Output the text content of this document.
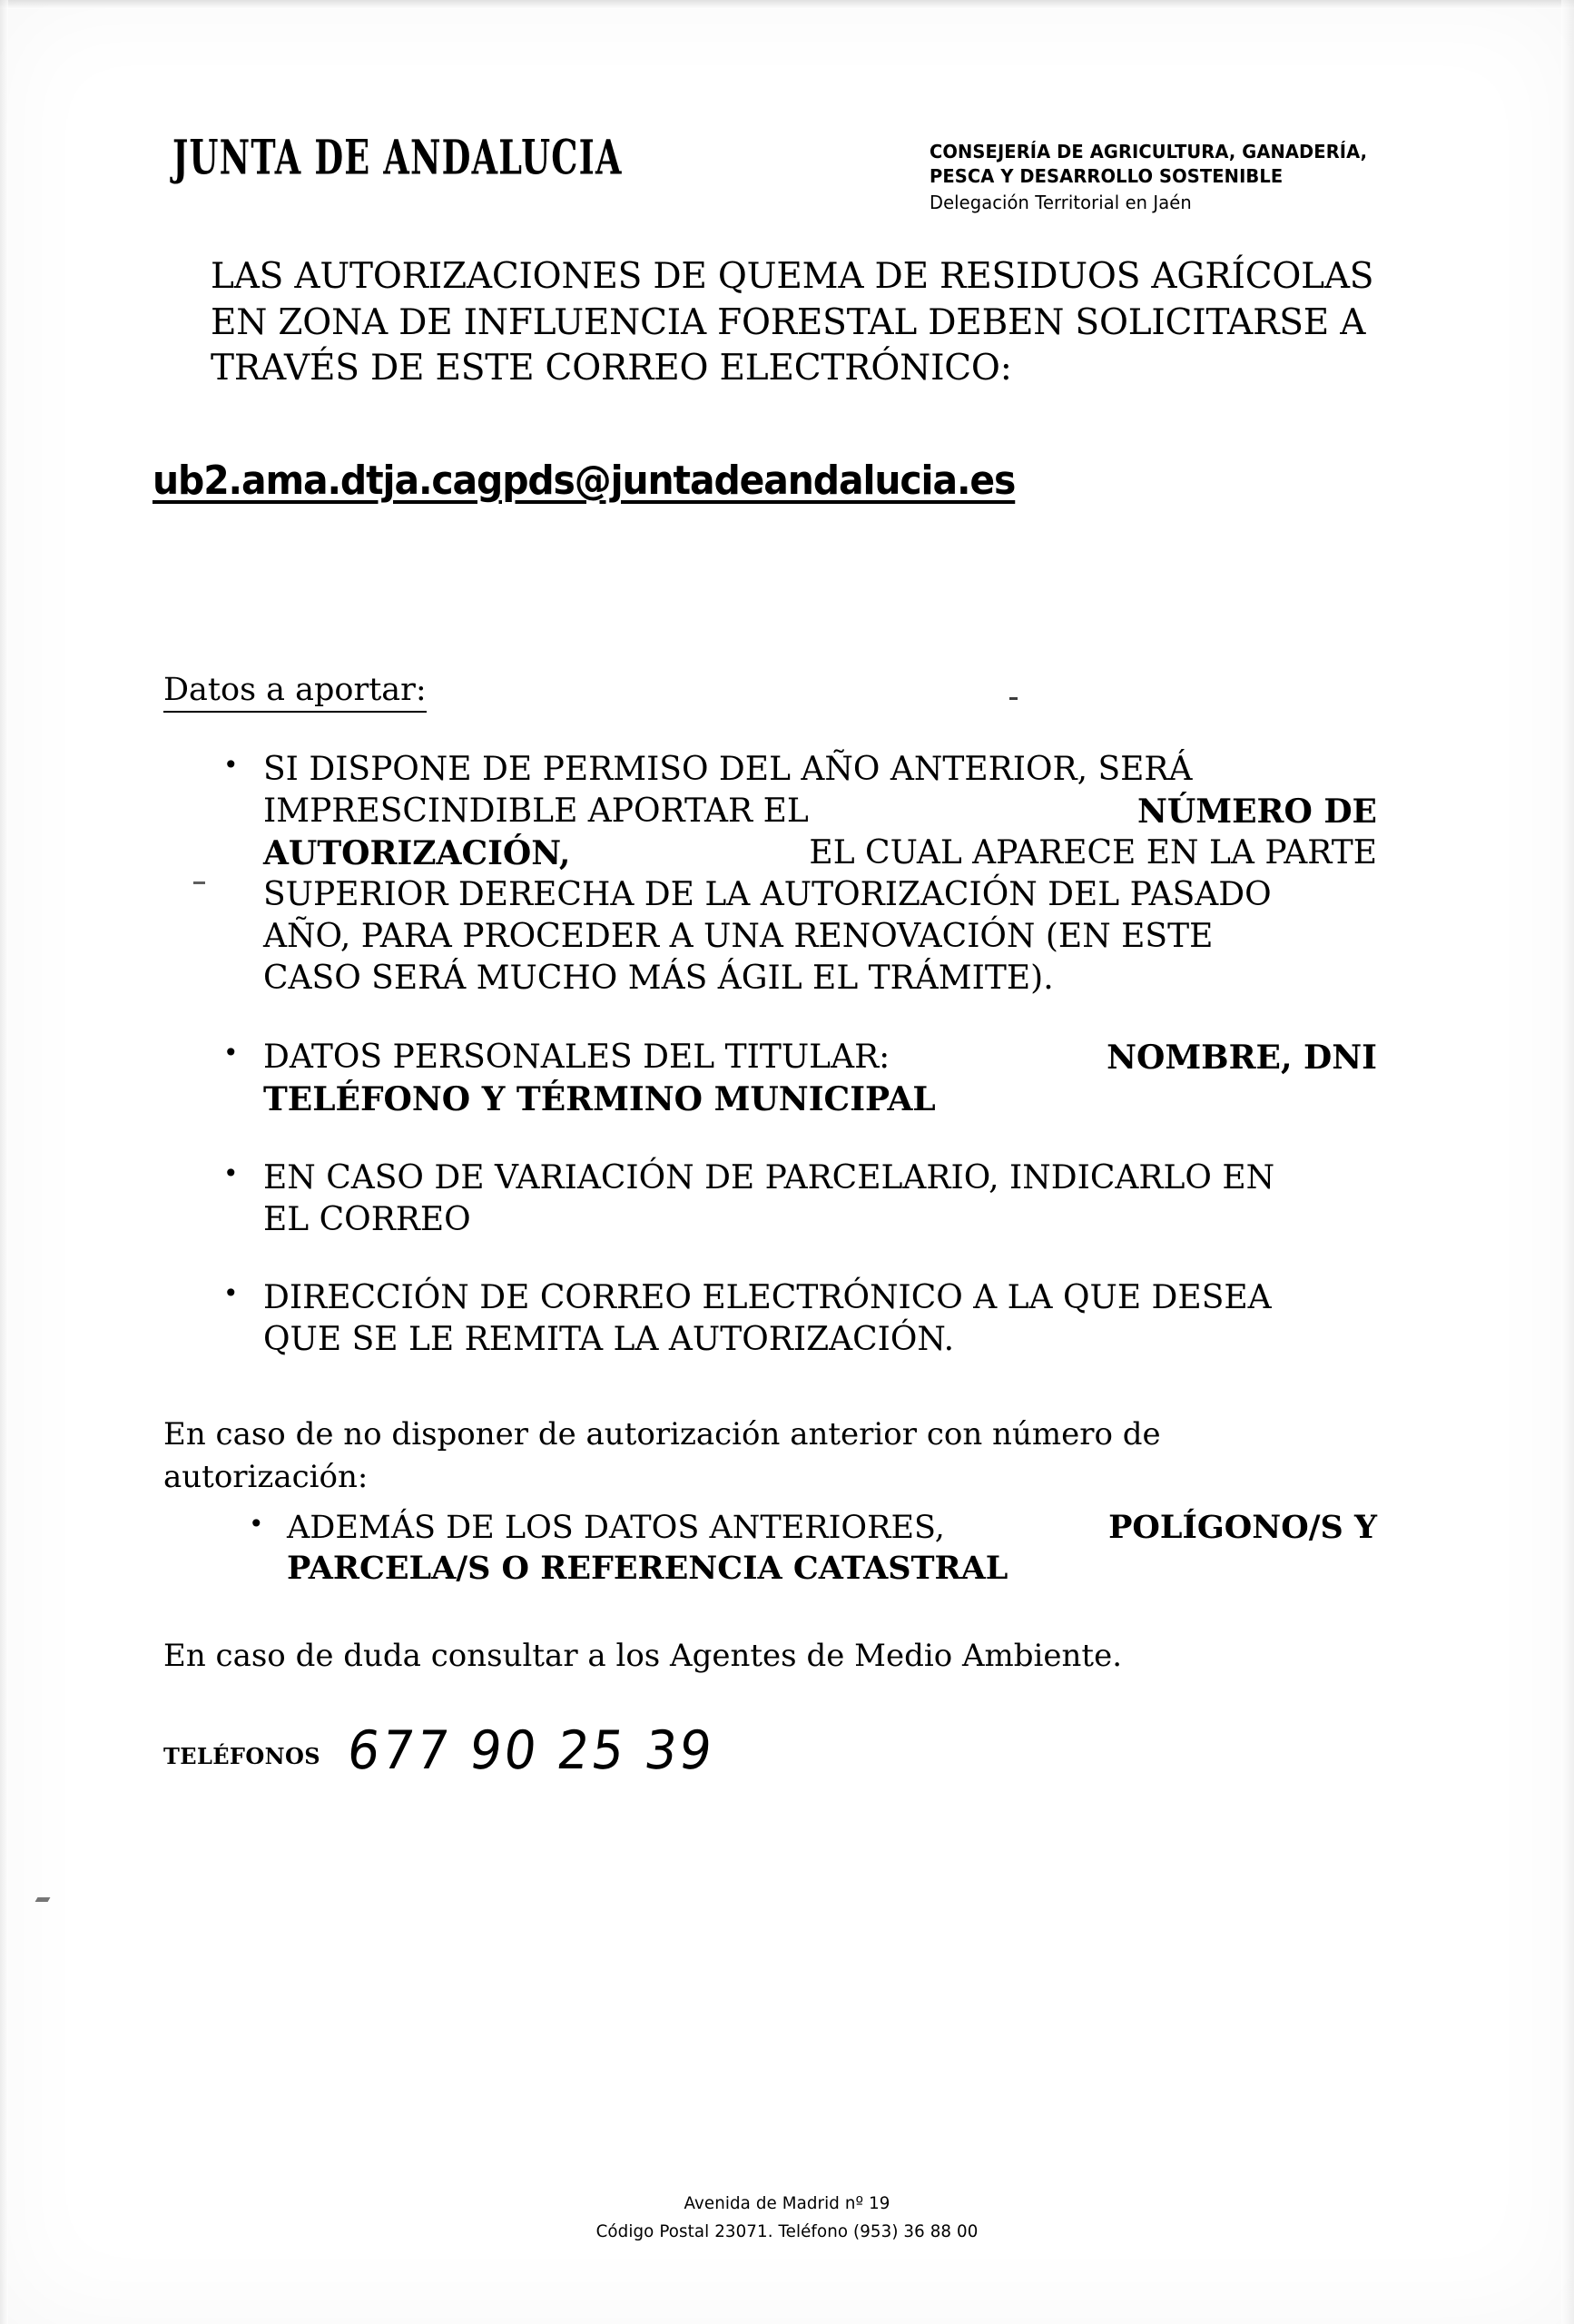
JUNTA DE ANDALUCIA	CONSEJERÍA DE AGRICULTURA, GANADERÍA,
PESCA Y DESARROLLO SOSTENIBLE
Delegación Territorial en Jaén

LAS AUTORIZACIONES DE QUEMA DE RESIDUOS AGRÍCOLAS
EN ZONA DE INFLUENCIA FORESTAL DEBEN SOLICITARSE A
TRAVÉS DE ESTE CORREO ELECTRÓNICO:

ub2.ama.dtja.cagpds@juntadeandalucia.es
Datos a aportar:
• SI DISPONE DE PERMISO DEL AÑO ANTERIOR, SERÁ
IMPRESCINDIBLE APORTAR EL	NÚMERO DE
AUTORIZACIÓN,	EL CUAL APARECE EN LA PARTE
SUPERIOR DERECHA DE LA AUTORIZACIÓN DEL PASADO
AÑO, PARA PROCEDER A UNA RENOVACIÓN (EN ESTE
CASO SERÁ MUCHO MÁS ÁGIL EL TRÁMITE).
• DATOS PERSONALES DEL TITULAR:	NOMBRE, DNI
TELÉFONO Y TÉRMINO MUNICIPAL
• EN CASO DE VARIACIÓN DE PARCELARIO, INDICARLO EN
EL CORREO
• DIRECCIÓN DE CORREO ELECTRÓNICO A LA QUE DESEA
QUE SE LE REMITA LA AUTORIZACIÓN.
En caso de no disponer de autorización anterior con número de
autorización:
• ADEMÁS DE LOS DATOS ANTERIORES,	POLÍGONO/S Y
PARCELA/S O REFERENCIA CATASTRAL
En caso de duda consultar a los Agentes de Medio Ambiente.
TELÉFONOS 677 90 25 39
Avenida de Madrid nº 19
Código Postal 23071. Teléfono (953) 36 88 00
